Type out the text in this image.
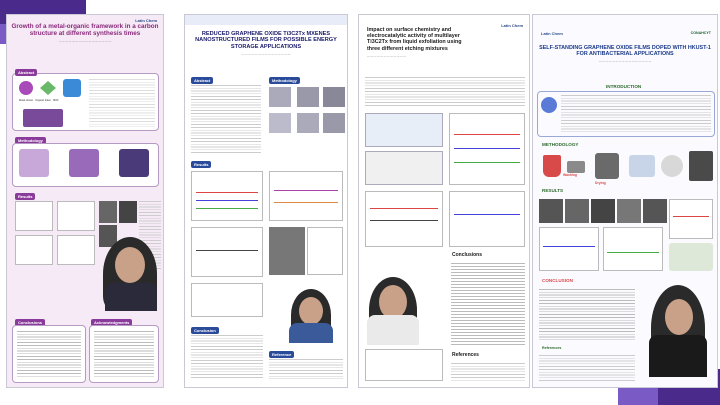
Latin Chem
Growth of a metal-organic framework in a carbon structure at different synthesis times
— — — — — — — — — — — — — — — —
Abstract
Metal cluster · Organic linker · MOF
Methodology
Results
Conclusions	Acknowledgments
REDUCED GRAPHENE OXIDE Ti3C2Tx MXENES NANOSTRUCTURED FILMS FOR POSSIBLE ENERGY STORAGE APPLICATIONS
— — — — — — — — — — — — — — —
Abstract	Methodology
Results
Conclusion
Reference
Latin Chem
Impact on surface chemistry and electrocatalytic activity of multilayer Ti3C2Tx from liquid exfoliation using three different etching mixtures
— — — — — — — — — — — —
Conclusions
References
Latin Chem	CONAHCYT
SELF-STANDING GRAPHENE OXIDE FILMS DOPED WITH HKUST-1 FOR ANTIBACTERIAL APPLICATIONS
— — — — — — — — — — — — — — — —
INTRODUCTION
METHODOLOGY
Washing
Drying
RESULTS
CONCLUSION
References
